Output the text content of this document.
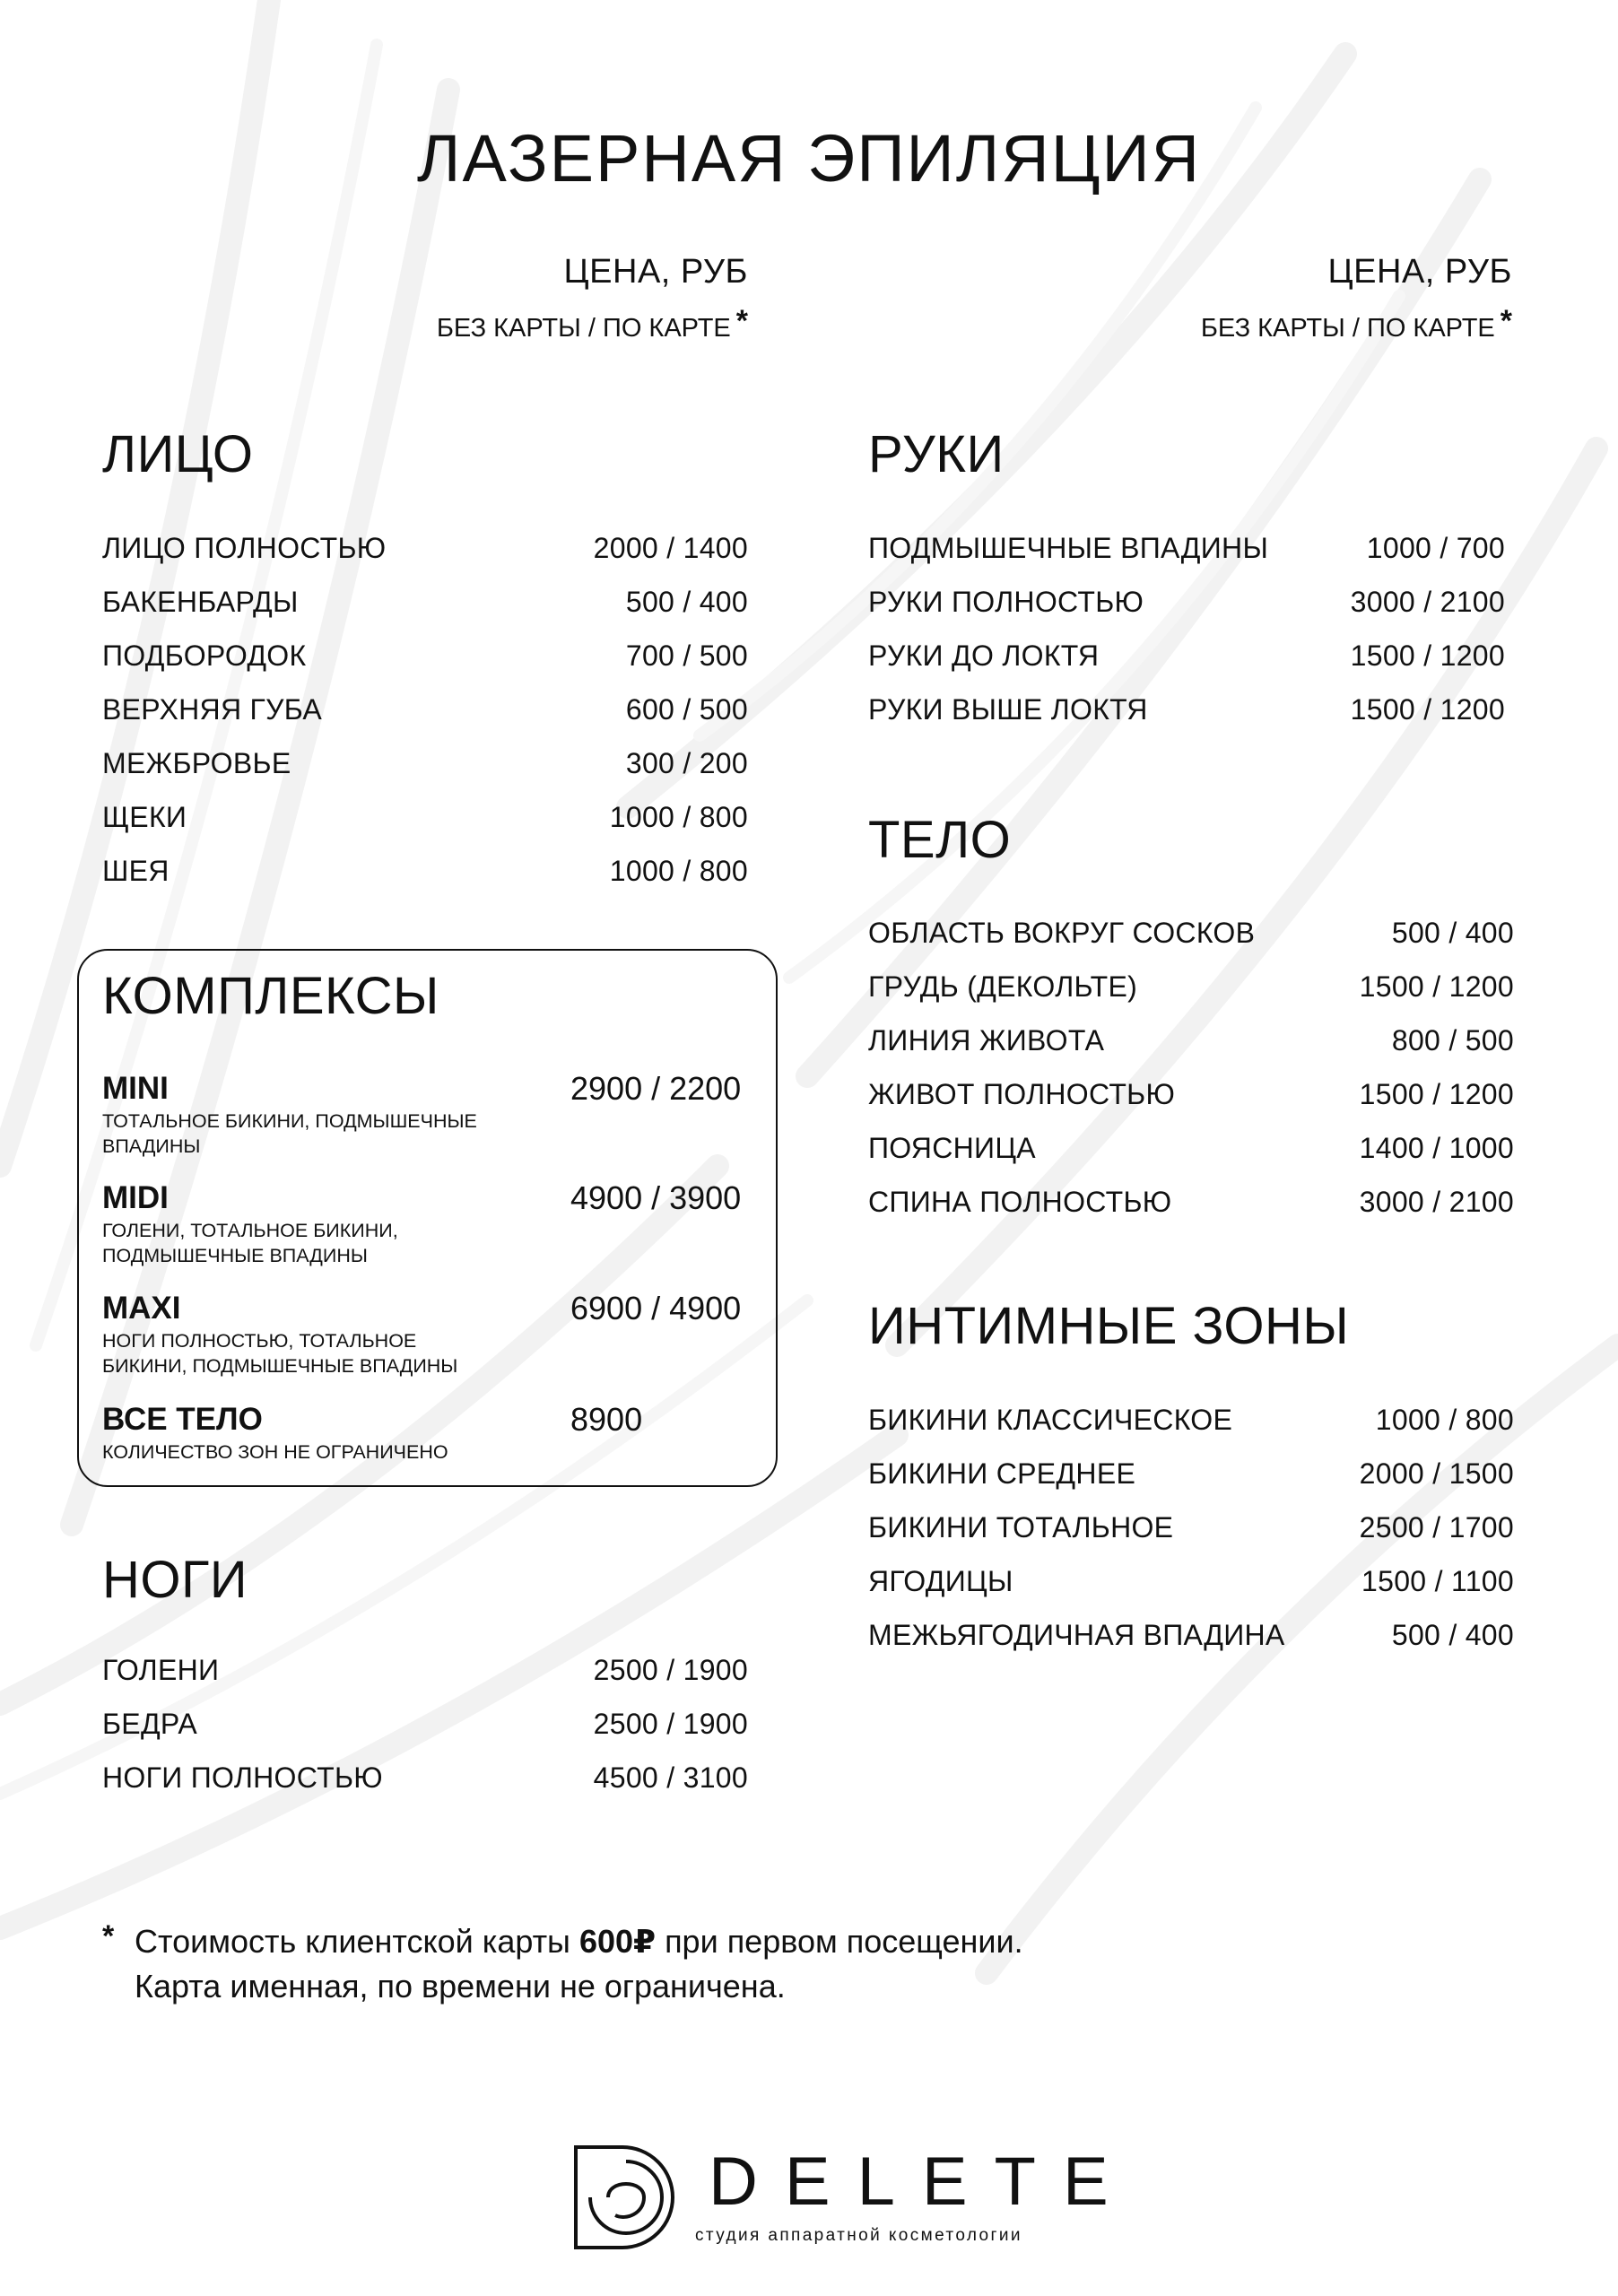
ЛАЗЕРНАЯ ЭПИЛЯЦИЯ
ЦЕНА, РУБ
БЕЗ КАРТЫ / ПО КАРТЕ *
ЦЕНА, РУБ
БЕЗ КАРТЫ / ПО КАРТЕ *
ЛИЦО
ЛИЦО ПОЛНОСТЬЮ	2000 / 1400
БАКЕНБАРДЫ	500 / 400
ПОДБОРОДОК	700 / 500
ВЕРХНЯЯ ГУБА	600 / 500
МЕЖБРОВЬЕ	300 / 200
ЩЕКИ	1000 / 800
ШЕЯ	1000 / 800
КОМПЛЕКСЫ
MINI
ТОТАЛЬНОЕ БИКИНИ, ПОДМЫШЕЧНЫЕ
ВПАДИНЫ
2900 / 2200
MIDI
ГОЛЕНИ, ТОТАЛЬНОЕ БИКИНИ,
ПОДМЫШЕЧНЫЕ ВПАДИНЫ
4900 / 3900
MAXI
НОГИ ПОЛНОСТЬЮ, ТОТАЛЬНОЕ
БИКИНИ, ПОДМЫШЕЧНЫЕ ВПАДИНЫ
6900 / 4900
ВСЕ ТЕЛО
КОЛИЧЕСТВО ЗОН НЕ ОГРАНИЧЕНО
8900
НОГИ
ГОЛЕНИ	2500 / 1900
БЕДРА	2500 / 1900
НОГИ ПОЛНОСТЬЮ	4500 / 3100
РУКИ
ПОДМЫШЕЧНЫЕ ВПАДИНЫ	1000 / 700
РУКИ ПОЛНОСТЬЮ	3000 / 2100
РУКИ ДО ЛОКТЯ	1500 / 1200
РУКИ ВЫШЕ ЛОКТЯ	1500 / 1200
ТЕЛО
ОБЛАСТЬ ВОКРУГ СОСКОВ	500 / 400
ГРУДЬ (ДЕКОЛЬТЕ)	1500 / 1200
ЛИНИЯ ЖИВОТА	800 / 500
ЖИВОТ ПОЛНОСТЬЮ	1500 / 1200
ПОЯСНИЦА	1400 / 1000
СПИНА ПОЛНОСТЬЮ	3000 / 2100
ИНТИМНЫЕ ЗОНЫ
БИКИНИ КЛАССИЧЕСКОЕ	1000 / 800
БИКИНИ СРЕДНЕЕ	2000 / 1500
БИКИНИ ТОТАЛЬНОЕ	2500 / 1700
ЯГОДИЦЫ	1500 / 1100
МЕЖЬЯГОДИЧНАЯ ВПАДИНА	500 / 400
* Стоимость клиентской карты 600₽ при первом посещении.
Карта именная, по времени не ограничена.
DELETE
студия аппаратной косметологии
